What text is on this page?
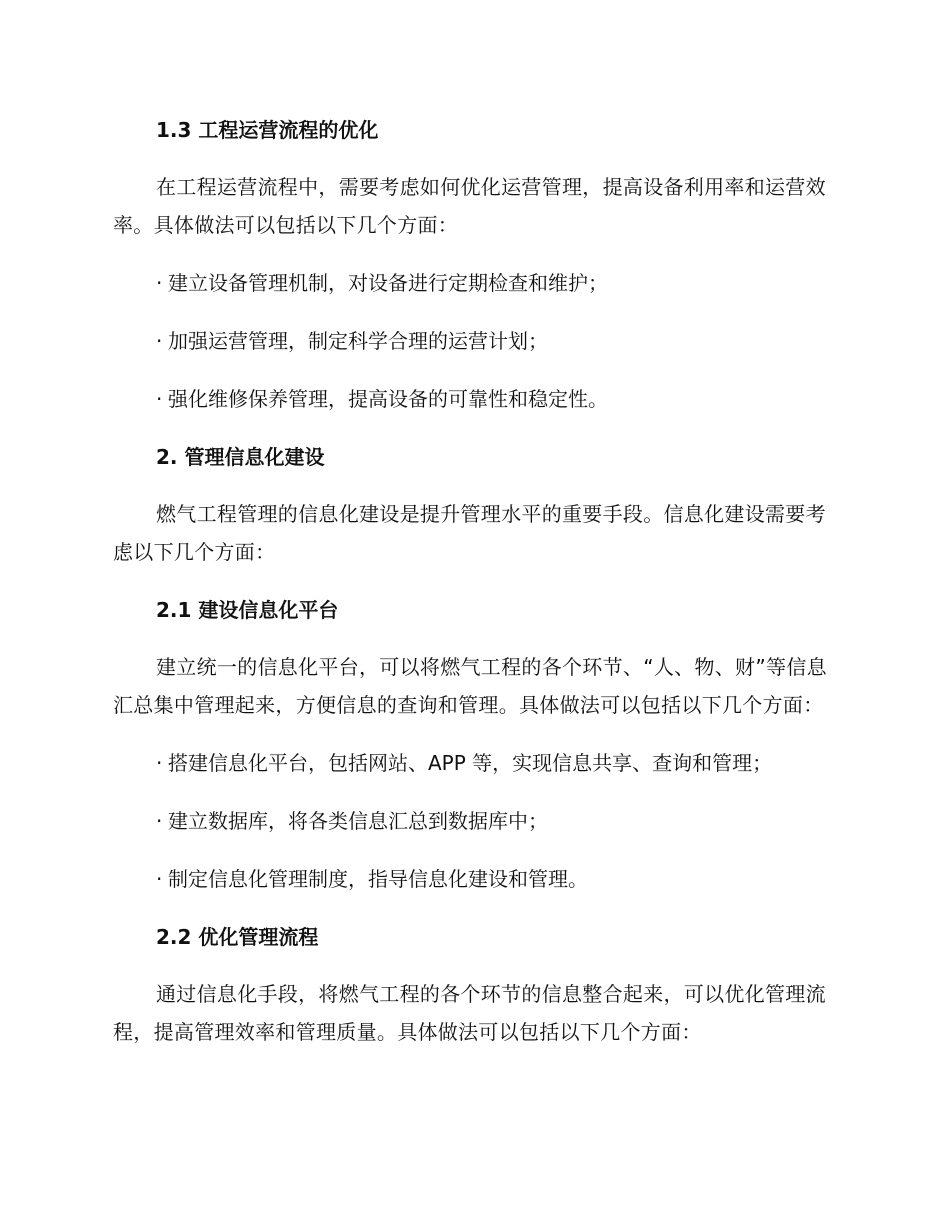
1.3 工程运营流程的优化

在工程运营流程中，需要考虑如何优化运营管理，提高设备利用率和运营效率。具体做法可以包括以下几个方面：

· 建立设备管理机制，对设备进行定期检查和维护；
· 加强运营管理，制定科学合理的运营计划；
· 强化维修保养管理，提高设备的可靠性和稳定性。
2. 管理信息化建设

燃气工程管理的信息化建设是提升管理水平的重要手段。信息化建设需要考虑以下几个方面：

2.1 建设信息化平台

建立统一的信息化平台，可以将燃气工程的各个环节、“人、物、财”等信息汇总集中管理起来，方便信息的查询和管理。具体做法可以包括以下几个方面：

· 搭建信息化平台，包括网站、APP 等，实现信息共享、查询和管理；
· 建立数据库，将各类信息汇总到数据库中；
· 制定信息化管理制度，指导信息化建设和管理。
2.2 优化管理流程

通过信息化手段，将燃气工程的各个环节的信息整合起来，可以优化管理流程，提高管理效率和管理质量。具体做法可以包括以下几个方面：
